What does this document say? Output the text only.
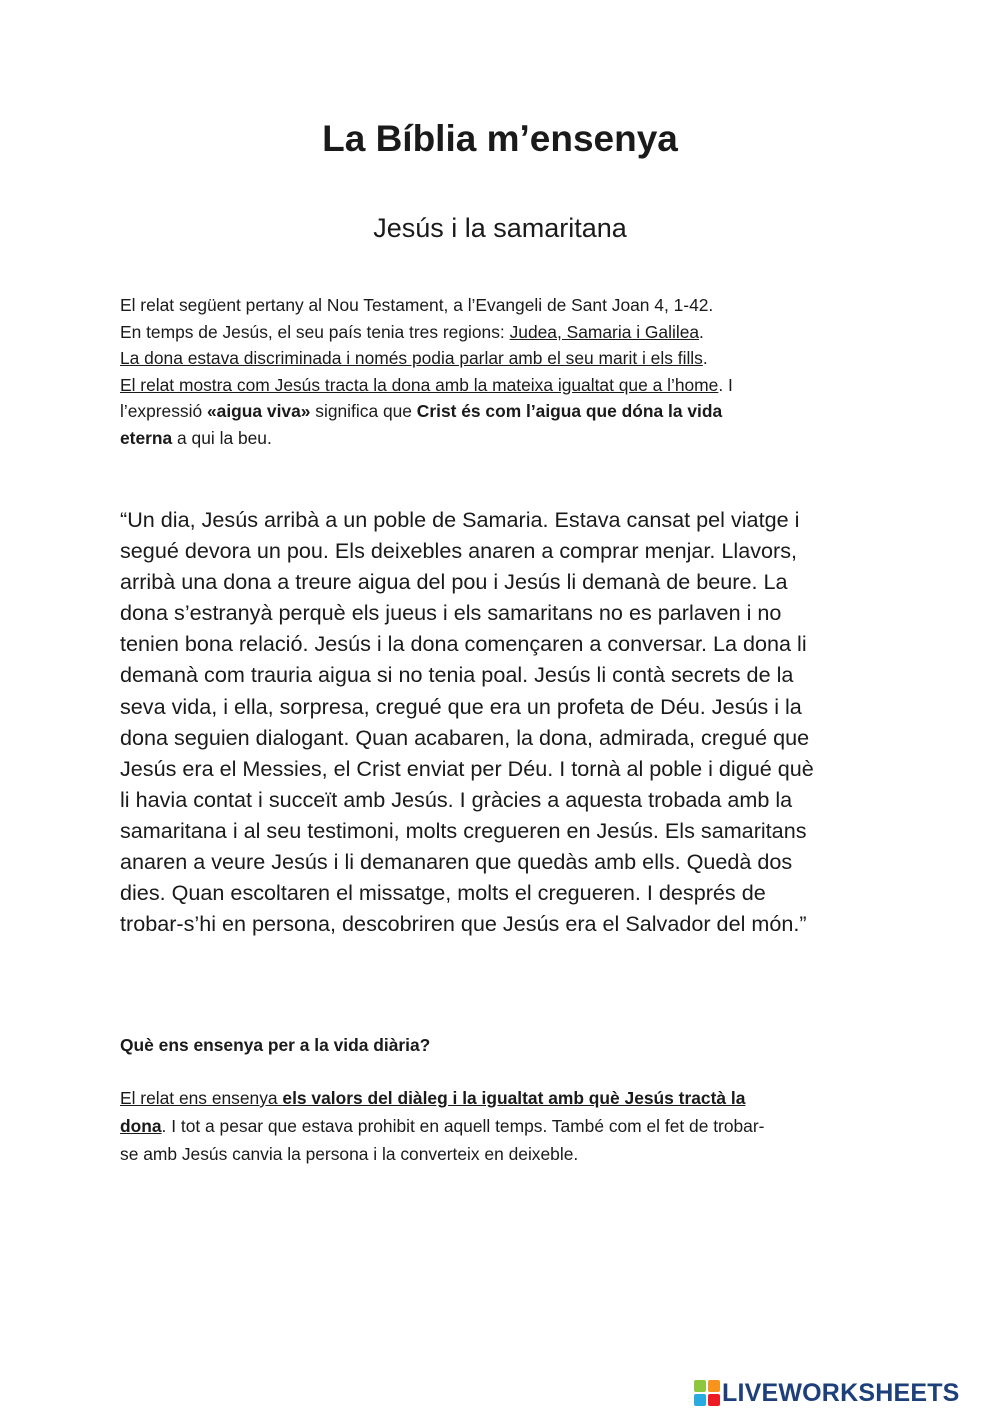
La Bíblia m’ensenya
Jesús i la samaritana
El relat següent pertany al Nou Testament, a l’Evangeli de Sant Joan 4, 1-42.
En temps de Jesús, el seu país tenia tres regions: Judea, Samaria i Galilea.
La dona estava discriminada i només podia parlar amb el seu marit i els fills.
El relat mostra com Jesús tracta la dona amb la mateixa igualtat que a l’home. I
l’expressió «aigua viva» significa que Crist és com l’aigua que dóna la vida
eterna a qui la beu.
“Un dia, Jesús arribà a un poble de Samaria. Estava cansat pel viatge i
segué devora un pou. Els deixebles anaren a comprar menjar. Llavors,
arribà una dona a treure aigua del pou i Jesús li demanà de beure. La
dona s’estranyà perquè els jueus i els samaritans no es parlaven i no
tenien bona relació. Jesús i la dona començaren a conversar. La dona li
demanà com trauria aigua si no tenia poal. Jesús li contà secrets de la
seva vida, i ella, sorpresa, cregué que era un profeta de Déu. Jesús i la
dona seguien dialogant. Quan acabaren, la dona, admirada, cregué que
Jesús era el Messies, el Crist enviat per Déu. I tornà al poble i digué què
li havia contat i succeït amb Jesús. I gràcies a aquesta trobada amb la
samaritana i al seu testimoni, molts cregueren en Jesús. Els samaritans
anaren a veure Jesús i li demanaren que quedàs amb ells. Quedà dos
dies. Quan escoltaren el missatge, molts el cregueren. I després de
trobar-s’hi en persona, descobriren que Jesús era el Salvador del món.”
Què ens ensenya per a la vida diària?
El relat ens ensenya els valors del diàleg i la igualtat amb què Jesús tractà la
dona. I tot a pesar que estava prohibit en aquell temps. També com el fet de trobar-
se amb Jesús canvia la persona i la converteix en deixeble.
LIVEWORKSHEETS
